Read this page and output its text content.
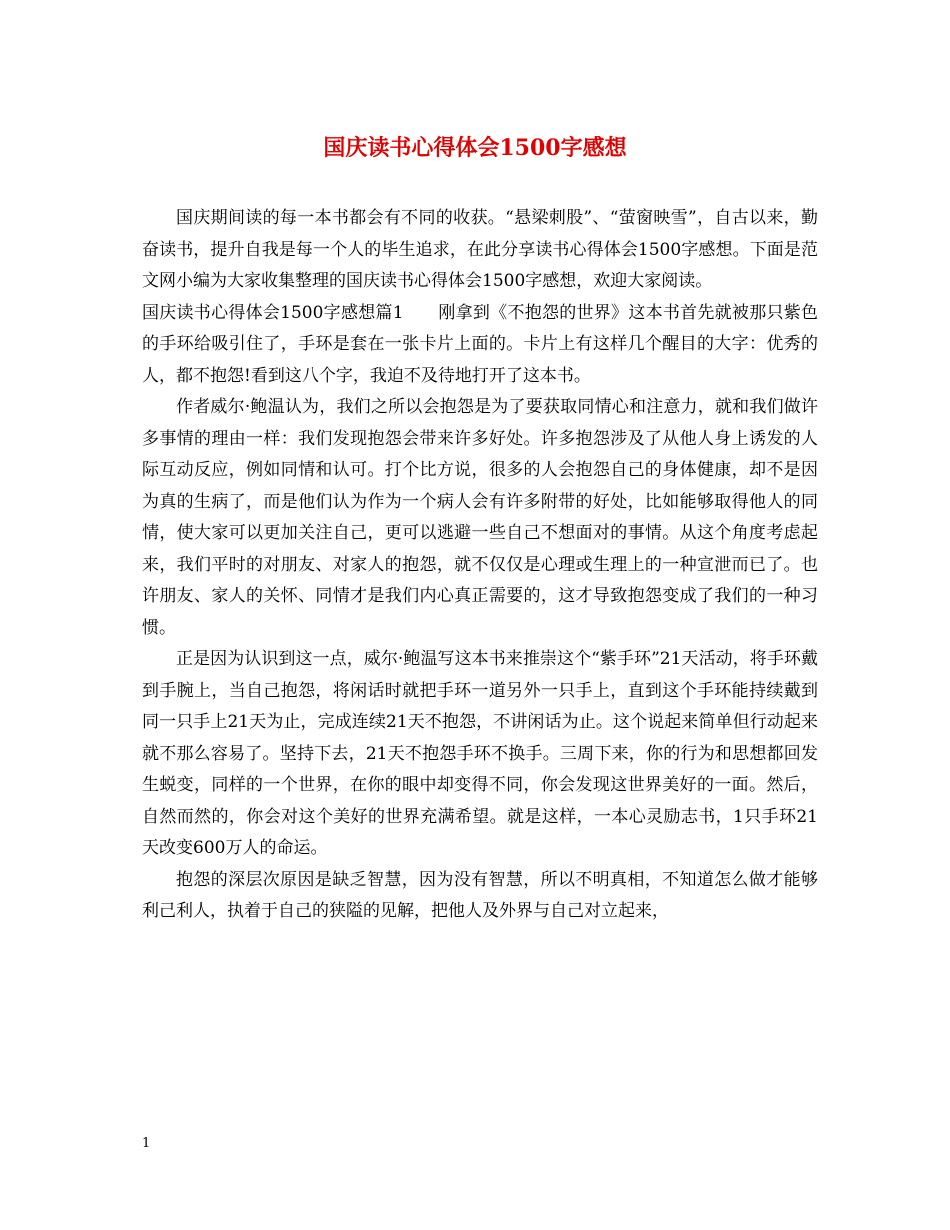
国庆读书心得体会1500字感想

国庆期间读的每一本书都会有不同的收获。“悬梁刺股”、“萤窗映雪”，自古以来，勤奋读书，提升自我是每一个人的毕生追求，在此分享读书心得体会1500字感想。下面是范文网小编为大家收集整理的国庆读书心得体会1500字感想，欢迎大家阅读。

国庆读书心得体会1500字感想篇1　　刚拿到《不抱怨的世界》这本书首先就被那只紫色的手环给吸引住了，手环是套在一张卡片上面的。卡片上有这样几个醒目的大字：优秀的人，都不抱怨!看到这八个字，我迫不及待地打开了这本书。

作者威尔·鲍温认为，我们之所以会抱怨是为了要获取同情心和注意力，就和我们做许多事情的理由一样：我们发现抱怨会带来许多好处。许多抱怨涉及了从他人身上诱发的人际互动反应，例如同情和认可。打个比方说，很多的人会抱怨自己的身体健康，却不是因为真的生病了，而是他们认为作为一个病人会有许多附带的好处，比如能够取得他人的同情，使大家可以更加关注自己，更可以逃避一些自己不想面对的事情。从这个角度考虑起来，我们平时的对朋友、对家人的抱怨，就不仅仅是心理或生理上的一种宣泄而已了。也许朋友、家人的关怀、同情才是我们内心真正需要的，这才导致抱怨变成了我们的一种习惯。

正是因为认识到这一点，威尔·鲍温写这本书来推崇这个“紫手环”21天活动，将手环戴到手腕上，当自己抱怨，将闲话时就把手环一道另外一只手上，直到这个手环能持续戴到同一只手上21天为止，完成连续21天不抱怨，不讲闲话为止。这个说起来简单但行动起来就不那么容易了。坚持下去，21天不抱怨手环不换手。三周下来，你的行为和思想都回发生蜕变，同样的一个世界，在你的眼中却变得不同，你会发现这世界美好的一面。然后，自然而然的，你会对这个美好的世界充满希望。就是这样，一本心灵励志书，1只手环21天改变600万人的命运。

抱怨的深层次原因是缺乏智慧，因为没有智慧，所以不明真相，不知道怎么做才能够利己利人，执着于自己的狭隘的见解，把他人及外界与自己对立起来，

1
